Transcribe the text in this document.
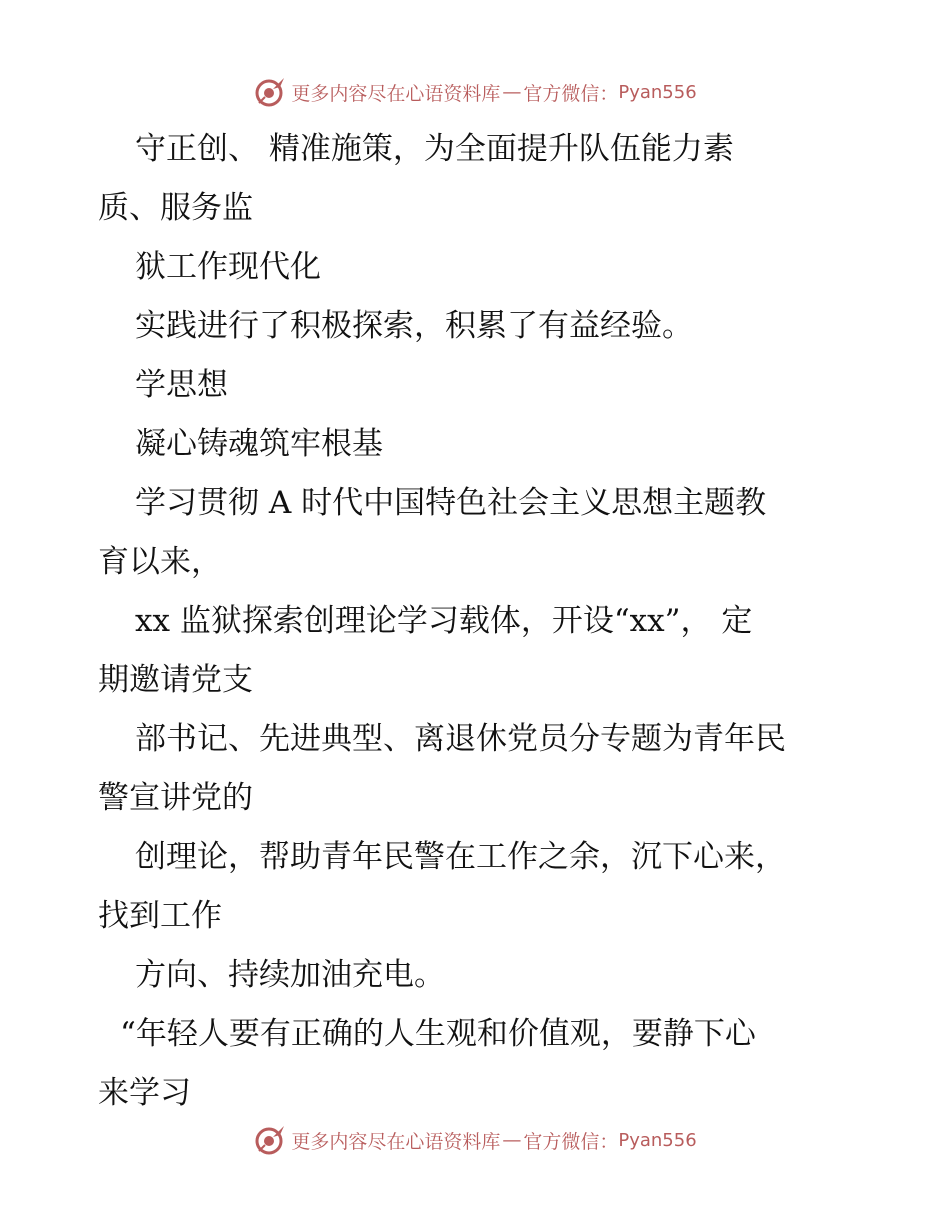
更多内容尽在心语资料库 — 官方微信： Pyan556
守正创、 精准施策，为全面提升队伍能力素
质、服务监
狱工作现代化
实践进行了积极探索，积累了有益经验。
学思想
凝心铸魂筑牢根基
学习贯彻 A 时代中国特色社会主义思想主题教
育以来，
xx 监狱探索创理论学习载体，开设“xx”， 定
期邀请党支
部书记、先进典型、离退休党员分专题为青年民
警宣讲党的
创理论，帮助青年民警在工作之余，沉下心来，
找到工作
方向、持续加油充电。
“年轻人要有正确的人生观和价值观，要静下心
来学习
更多内容尽在心语资料库 — 官方微信： Pyan556
